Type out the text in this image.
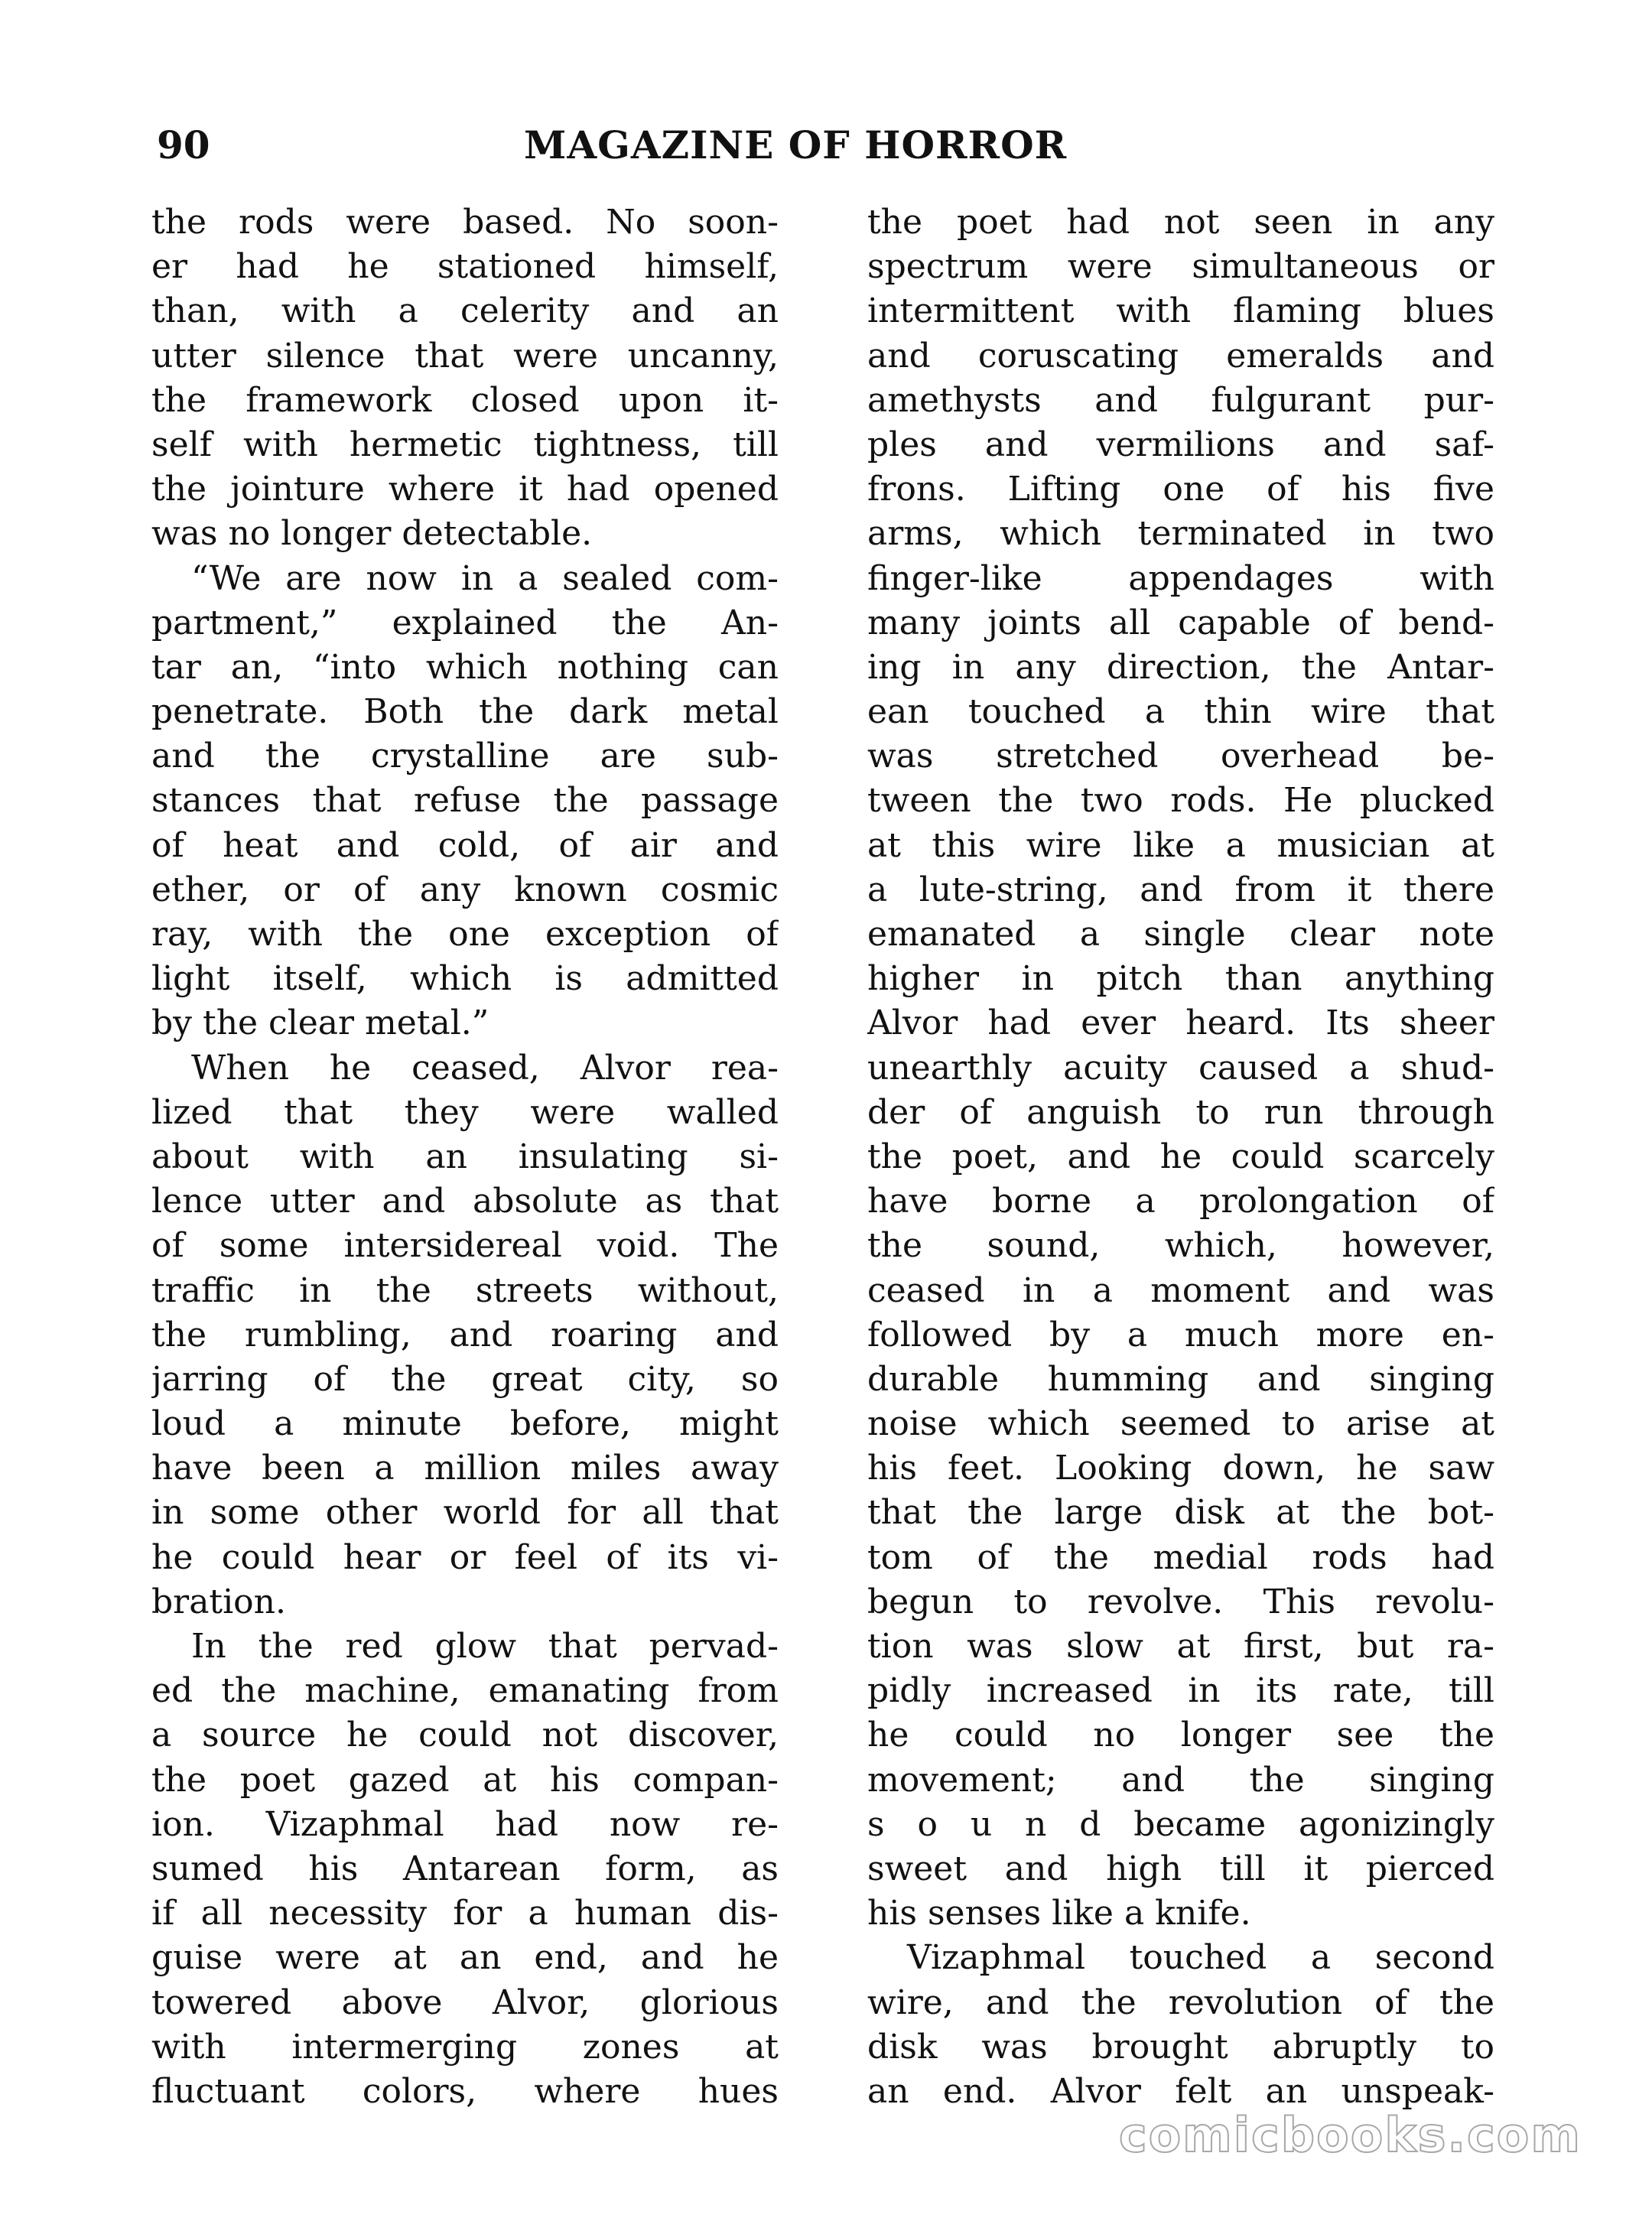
90	MAGAZINE OF HORROR
the rods were based. No soon-
er had he stationed himself,
than, with a celerity and an
utter silence that were uncanny,
the framework closed upon it-
self with hermetic tightness, till
the jointure where it had opened
was no longer detectable.
“We are now in a sealed com-
partment,” explained the An-
tar an, “into which nothing can
penetrate. Both the dark metal
and the crystalline are sub-
stances that refuse the passage
of heat and cold, of air and
ether, or of any known cosmic
ray, with the one exception of
light itself, which is admitted
by the clear metal.”
When he ceased, Alvor rea-
lized that they were walled
about with an insulating si-
lence utter and absolute as that
of some intersidereal void. The
traffic in the streets without,
the rumbling, and roaring and
jarring of the great city, so
loud a minute before, might
have been a million miles away
in some other world for all that
he could hear or feel of its vi-
bration.
In the red glow that pervad-
ed the machine, emanating from
a source he could not discover,
the poet gazed at his compan-
ion. Vizaphmal had now re-
sumed his Antarean form, as
if all necessity for a human dis-
guise were at an end, and he
towered above Alvor, glorious
with intermerging zones at
fluctuant colors, where hues
the poet had not seen in any
spectrum were simultaneous or
intermittent with flaming blues
and coruscating emeralds and
amethysts and fulgurant pur-
ples and vermilions and saf-
frons. Lifting one of his five
arms, which terminated in two
finger-like appendages with
many joints all capable of bend-
ing in any direction, the Antar-
ean touched a thin wire that
was stretched overhead be-
tween the two rods. He plucked
at this wire like a musician at
a lute-string, and from it there
emanated a single clear note
higher in pitch than anything
Alvor had ever heard. Its sheer
unearthly acuity caused a shud-
der of anguish to run through
the poet, and he could scarcely
have borne a prolongation of
the sound, which, however,
ceased in a moment and was
followed by a much more en-
durable humming and singing
noise which seemed to arise at
his feet. Looking down, he saw
that the large disk at the bot-
tom of the medial rods had
begun to revolve. This revolu-
tion was slow at first, but ra-
pidly increased in its rate, till
he could no longer see the
movement; and the singing
s o u n d became agonizingly
sweet and high till it pierced
his senses like a knife.
Vizaphmal touched a second
wire, and the revolution of the
disk was brought abruptly to
an end. Alvor felt an unspeak-
comicbooks.com
